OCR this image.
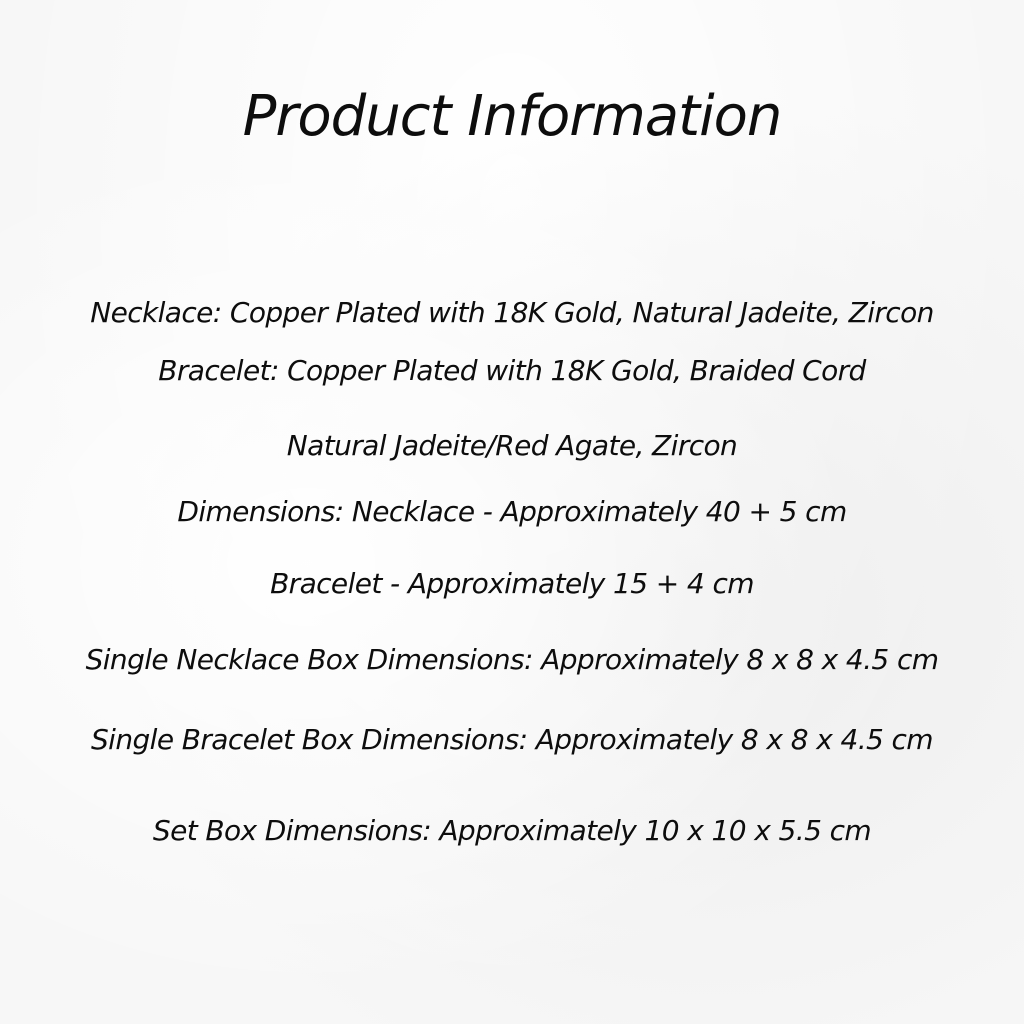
Product Information

Necklace: Copper Plated with 18K Gold, Natural Jadeite, Zircon

Bracelet: Copper Plated with 18K Gold, Braided Cord

Natural Jadeite/Red Agate, Zircon

Dimensions: Necklace - Approximately 40 + 5 cm

Bracelet - Approximately 15 + 4 cm

Single Necklace Box Dimensions: Approximately 8 x 8 x 4.5 cm

Single Bracelet Box Dimensions: Approximately 8 x 8 x 4.5 cm

Set Box Dimensions: Approximately 10 x 10 x 5.5 cm
